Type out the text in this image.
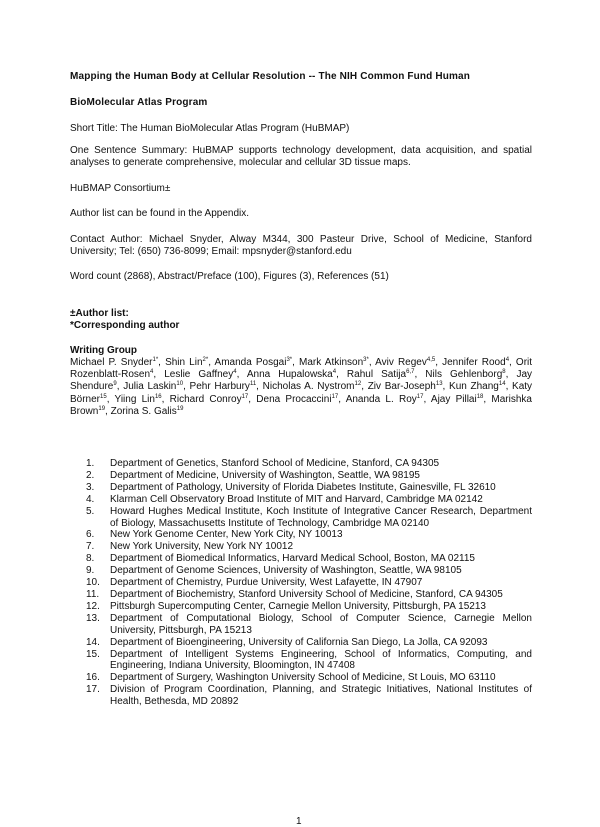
Mapping the Human Body at Cellular Resolution -- The NIH Common Fund Human
BioMolecular Atlas Program
Short Title: The Human BioMolecular Atlas Program (HuBMAP)
One Sentence Summary: HuBMAP supports technology development, data acquisition, and spatial analyses to generate comprehensive, molecular and cellular 3D tissue maps.
HuBMAP Consortium±
Author list can be found in the Appendix.
Contact Author: Michael Snyder, Alway M344, 300 Pasteur Drive, School of Medicine, Stanford University; Tel: (650) 736-8099; Email: mpsnyder@stanford.edu
Word count (2868), Abstract/Preface (100), Figures (3), References (51)
±Author list:
*Corresponding author
Writing Group
Michael P. Snyder$^{1*}$, Shin Lin$^{2*}$, Amanda Posgai$^{3*}$, Mark Atkinson$^{3*}$, Aviv Regev$^{4,5}$, Jennifer Rood$^4$, Orit Rozenblatt-Rosen$^4$, Leslie Gaffney$^4$, Anna Hupalowska$^4$, Rahul Satija$^{6,7}$, Nils Gehlenborg$^8$, Jay Shendure$^9$, Julia Laskin$^{10}$, Pehr Harbury$^{11}$, Nicholas A. Nystrom$^{12}$, Ziv Bar-Joseph$^{13}$, Kun Zhang$^{14}$, Katy Börner$^{15}$, Yiing Lin$^{16}$, Richard Conroy$^{17}$, Dena Procaccini$^{17}$, Ananda L. Roy$^{17}$, Ajay Pillai$^{18}$, Marishka Brown$^{19}$, Zorina S. Galis$^{19}$
1. Department of Genetics, Stanford School of Medicine, Stanford, CA 94305
2. Department of Medicine, University of Washington, Seattle, WA 98195
3. Department of Pathology, University of Florida Diabetes Institute, Gainesville, FL 32610
4. Klarman Cell Observatory Broad Institute of MIT and Harvard, Cambridge MA 02142
5. Howard Hughes Medical Institute, Koch Institute of Integrative Cancer Research, Department of Biology, Massachusetts Institute of Technology, Cambridge MA 02140
6. New York Genome Center, New York City, NY 10013
7. New York University, New York NY 10012
8. Department of Biomedical Informatics, Harvard Medical School, Boston, MA 02115
9. Department of Genome Sciences, University of Washington, Seattle, WA 98105
10. Department of Chemistry, Purdue University, West Lafayette, IN 47907
11. Department of Biochemistry, Stanford University School of Medicine, Stanford, CA 94305
12. Pittsburgh Supercomputing Center, Carnegie Mellon University, Pittsburgh, PA 15213
13. Department of Computational Biology, School of Computer Science, Carnegie Mellon University, Pittsburgh, PA 15213
14. Department of Bioengineering, University of California San Diego, La Jolla, CA 92093
15. Department of Intelligent Systems Engineering, School of Informatics, Computing, and Engineering, Indiana University, Bloomington, IN 47408
16. Department of Surgery, Washington University School of Medicine, St Louis, MO 63110
17. Division of Program Coordination, Planning, and Strategic Initiatives, National Institutes of Health, Bethesda, MD 20892
1
